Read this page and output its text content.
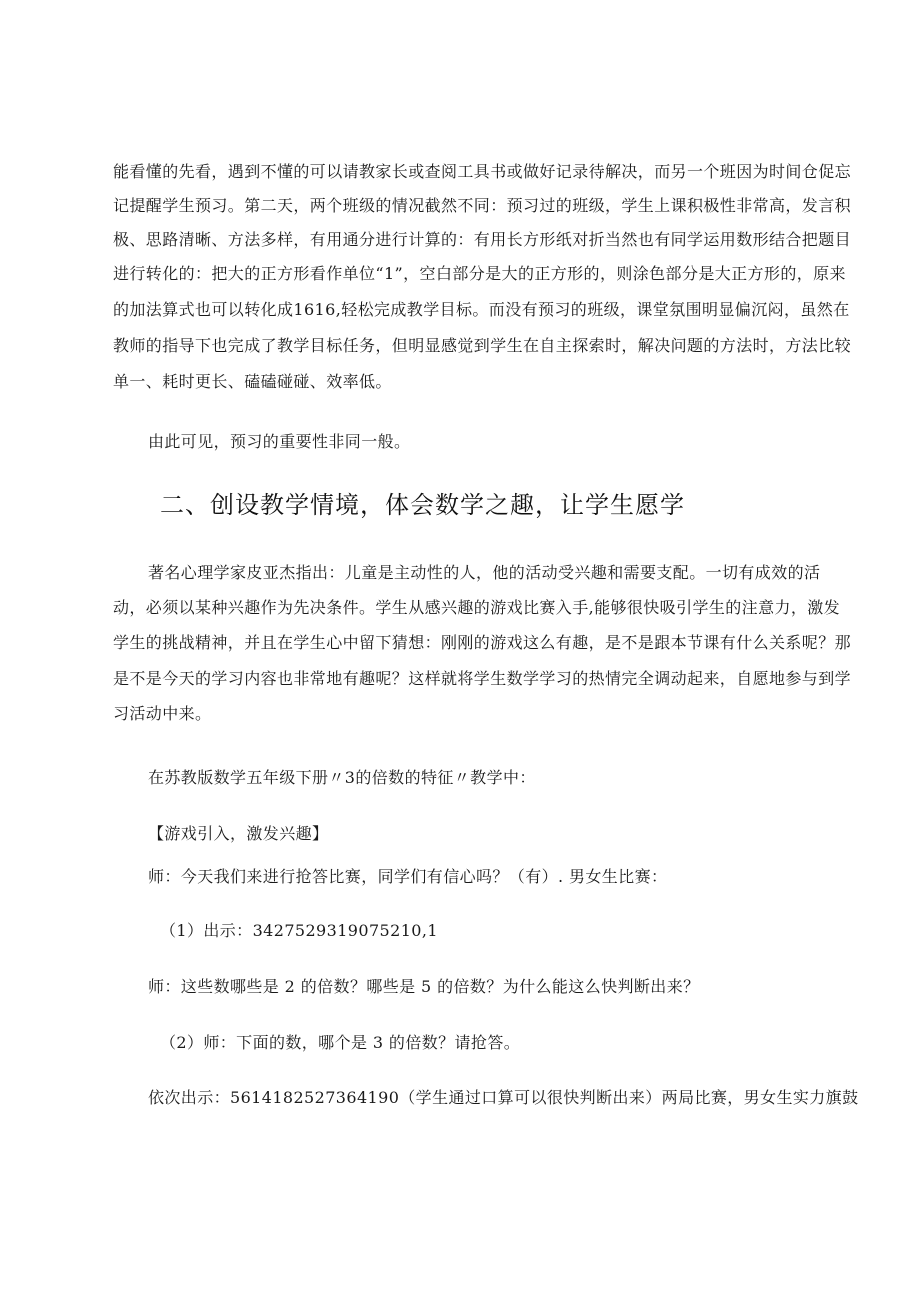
能看懂的先看，遇到不懂的可以请教家长或查阅工具书或做好记录待解决，而另一个班因为时间仓促忘
记提醒学生预习。第二天，两个班级的情况截然不同：预习过的班级，学生上课积极性非常高，发言积
极、思路清晰、方法多样，有用通分进行计算的：有用长方形纸对折当然也有同学运用数形结合把题目
进行转化的：把大的正方形看作单位“1”，空白部分是大的正方形的，则涂色部分是大正方形的，原来
的加法算式也可以转化成1616,轻松完成教学目标。而没有预习的班级，课堂氛围明显偏沉闷，虽然在
教师的指导下也完成了教学目标任务，但明显感觉到学生在自主探索时，解决问题的方法时，方法比较
单一、耗时更长、磕磕碰碰、效率低。
由此可见，预习的重要性非同一般。
二、创设教学情境，体会数学之趣，让学生愿学
著名心理学家皮亚杰指出：儿童是主动性的人，他的活动受兴趣和需要支配。一切有成效的活
动，必须以某种兴趣作为先决条件。学生从感兴趣的游戏比赛入手,能够很快吸引学生的注意力，激发
学生的挑战精神，并且在学生心中留下猜想：刚刚的游戏这么有趣，是不是跟本节课有什么关系呢？那
是不是今天的学习内容也非常地有趣呢？这样就将学生数学学习的热情完全调动起来，自愿地参与到学
习活动中来。
在苏教版数学五年级下册〃3的倍数的特征〃教学中：
【游戏引入，激发兴趣】
师：今天我们来进行抢答比赛，同学们有信心吗？（有）. 男女生比赛：
（1）出示：3427529319075210,1
师：这些数哪些是 2 的倍数？哪些是 5 的倍数？为什么能这么快判断出来？
（2）师：下面的数，哪个是 3 的倍数？请抢答。
依次出示：5614182527364190（学生通过口算可以很快判断出来）两局比赛，男女生实力旗鼓
